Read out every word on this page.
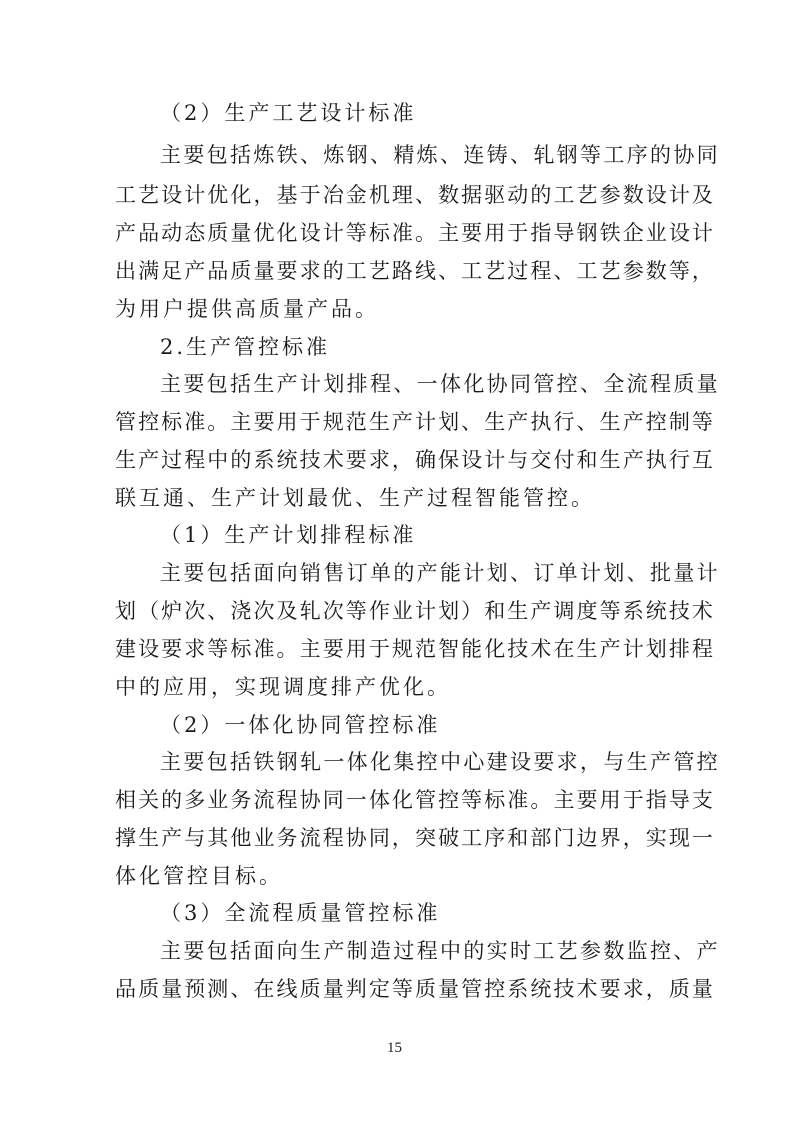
（2）生产工艺设计标准
主要包括炼铁、炼钢、精炼、连铸、轧钢等工序的协同
工艺设计优化，基于冶金机理、数据驱动的工艺参数设计及
产品动态质量优化设计等标准。主要用于指导钢铁企业设计
出满足产品质量要求的工艺路线、工艺过程、工艺参数等，
为用户提供高质量产品。
2.生产管控标准
主要包括生产计划排程、一体化协同管控、全流程质量
管控标准。主要用于规范生产计划、生产执行、生产控制等
生产过程中的系统技术要求，确保设计与交付和生产执行互
联互通、生产计划最优、生产过程智能管控。
（1）生产计划排程标准
主要包括面向销售订单的产能计划、订单计划、批量计
划（炉次、浇次及轧次等作业计划）和生产调度等系统技术
建设要求等标准。主要用于规范智能化技术在生产计划排程
中的应用，实现调度排产优化。
（2）一体化协同管控标准
主要包括铁钢轧一体化集控中心建设要求，与生产管控
相关的多业务流程协同一体化管控等标准。主要用于指导支
撑生产与其他业务流程协同，突破工序和部门边界，实现一
体化管控目标。
（3）全流程质量管控标准
主要包括面向生产制造过程中的实时工艺参数监控、产
品质量预测、在线质量判定等质量管控系统技术要求，质量
15
